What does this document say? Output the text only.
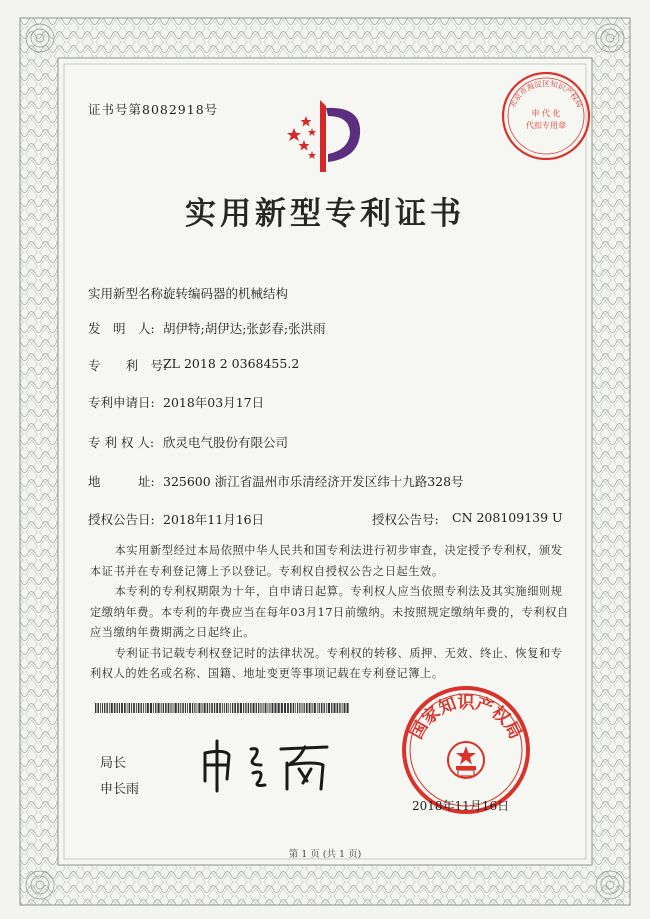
北京市海淀区知识产权局
申 代 化
代扣专用章
证书号第8082918号
实用新型专利证书
实用新型名称:
旋转编码器的机械结构
发　明　人: 胡伊特;胡伊达;张彭春;张洪雨
专　　利　号:
ZL 2018 2 0368455.2
专利申请日: 2018年03月17日
专 利 权 人: 欣灵电气股份有限公司
地　　　址: 325600 浙江省温州市乐清经济开发区纬十九路328号
授权公告日: 2018年11月16日	授权公告号: CN 208109139 U

本实用新型经过本局依照中华人民共和国专利法进行初步审查，决定授予专利权，颁发本证书并在专利登记簿上予以登记。专利权自授权公告之日起生效。

本专利的专利权期限为十年，自申请日起算。专利权人应当依照专利法及其实施细则规定缴纳年费。本专利的年费应当在每年03月17日前缴纳。未按照规定缴纳年费的，专利权自应当缴纳年费期满之日起终止。

专利证书记载专利权登记时的法律状况。专利权的转移、质押、无效、终止、恢复和专利权人的姓名或名称、国籍、地址变更等事项记载在专利登记簿上。

局长
申长雨
国家知识产权局
2018年11月16日
第 1 页 (共 1 页)
